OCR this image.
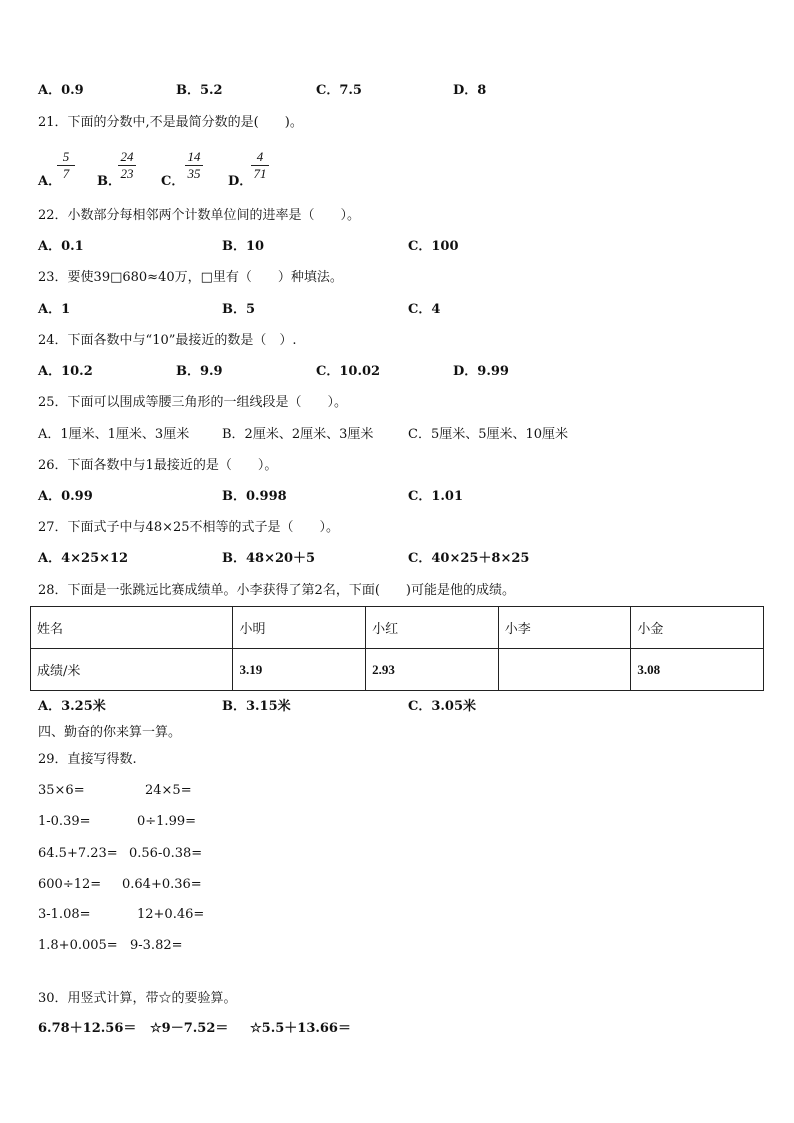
A．0.9	B．5.2	C．7.5	D．8
21．下面的分数中,不是最简分数的是(　　)。
A．
5
7
B．
24
23
C．
14
35
D．
4
71
22．小数部分每相邻两个计数单位间的进率是（　　）。
A．0.1	B．10	C．100
23．要使39□680≈40万，□里有（　　）种填法。
A．1	B．5	C．4
24．下面各数中与“10”最接近的数是（　）.
A．10.2	B．9.9	C．10.02	D．9.99
25．下面可以围成等腰三角形的一组线段是（　　）。
A．1厘米、1厘米、3厘米	B．2厘米、2厘米、3厘米	C．5厘米、5厘米、10厘米
26．下面各数中与1最接近的是（　　）。
A．0.99	B．0.998	C．1.01
27．下面式子中与48×25不相等的式子是（　　）。
A．4×25×12	B．48×20＋5	C．40×25＋8×25
28．下面是一张跳远比赛成绩单。小李获得了第2名，下面(　　)可能是他的成绩。
姓名	小明	小红	小李	小金
成绩/米	3.19	2.93		3.08
A．3.25米	B．3.15米	C．3.05米
四、勤奋的你来算一算。
29．直接写得数.
35×6=	24×5=
1-0.39=	0÷1.99=
64.5+7.23= 0.56-0.38=
600÷12= 0.64+0.36=
3-1.08=	12+0.46=
1.8+0.005= 9-3.82=
30．用竖式计算，带☆的要验算。
6.78＋12.56＝ ☆9－7.52＝ ☆5.5＋13.66＝
